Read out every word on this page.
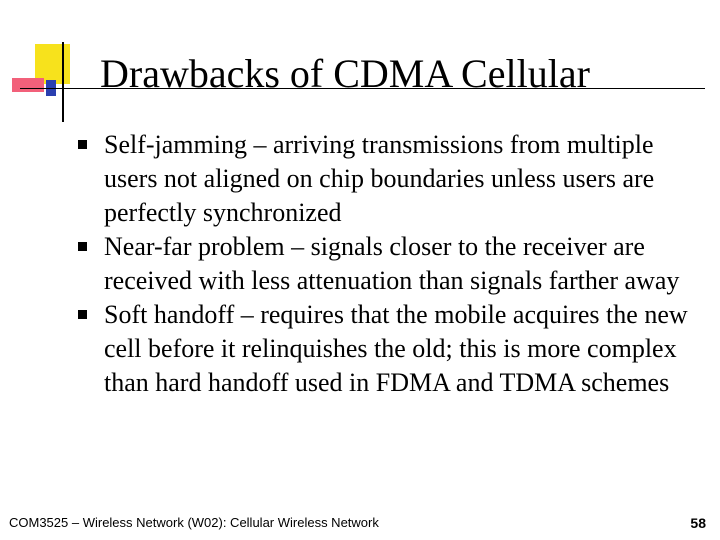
Drawbacks of CDMA Cellular
Self-jamming – arriving transmissions from multiple users not aligned on chip boundaries unless users are perfectly synchronized
Near-far problem – signals closer to the receiver are received with less attenuation than signals farther away
Soft handoff – requires that the mobile acquires the new cell before it relinquishes the old; this is more complex than hard handoff used in FDMA and TDMA schemes
COM3525 – Wireless Network (W02): Cellular Wireless Network	58
